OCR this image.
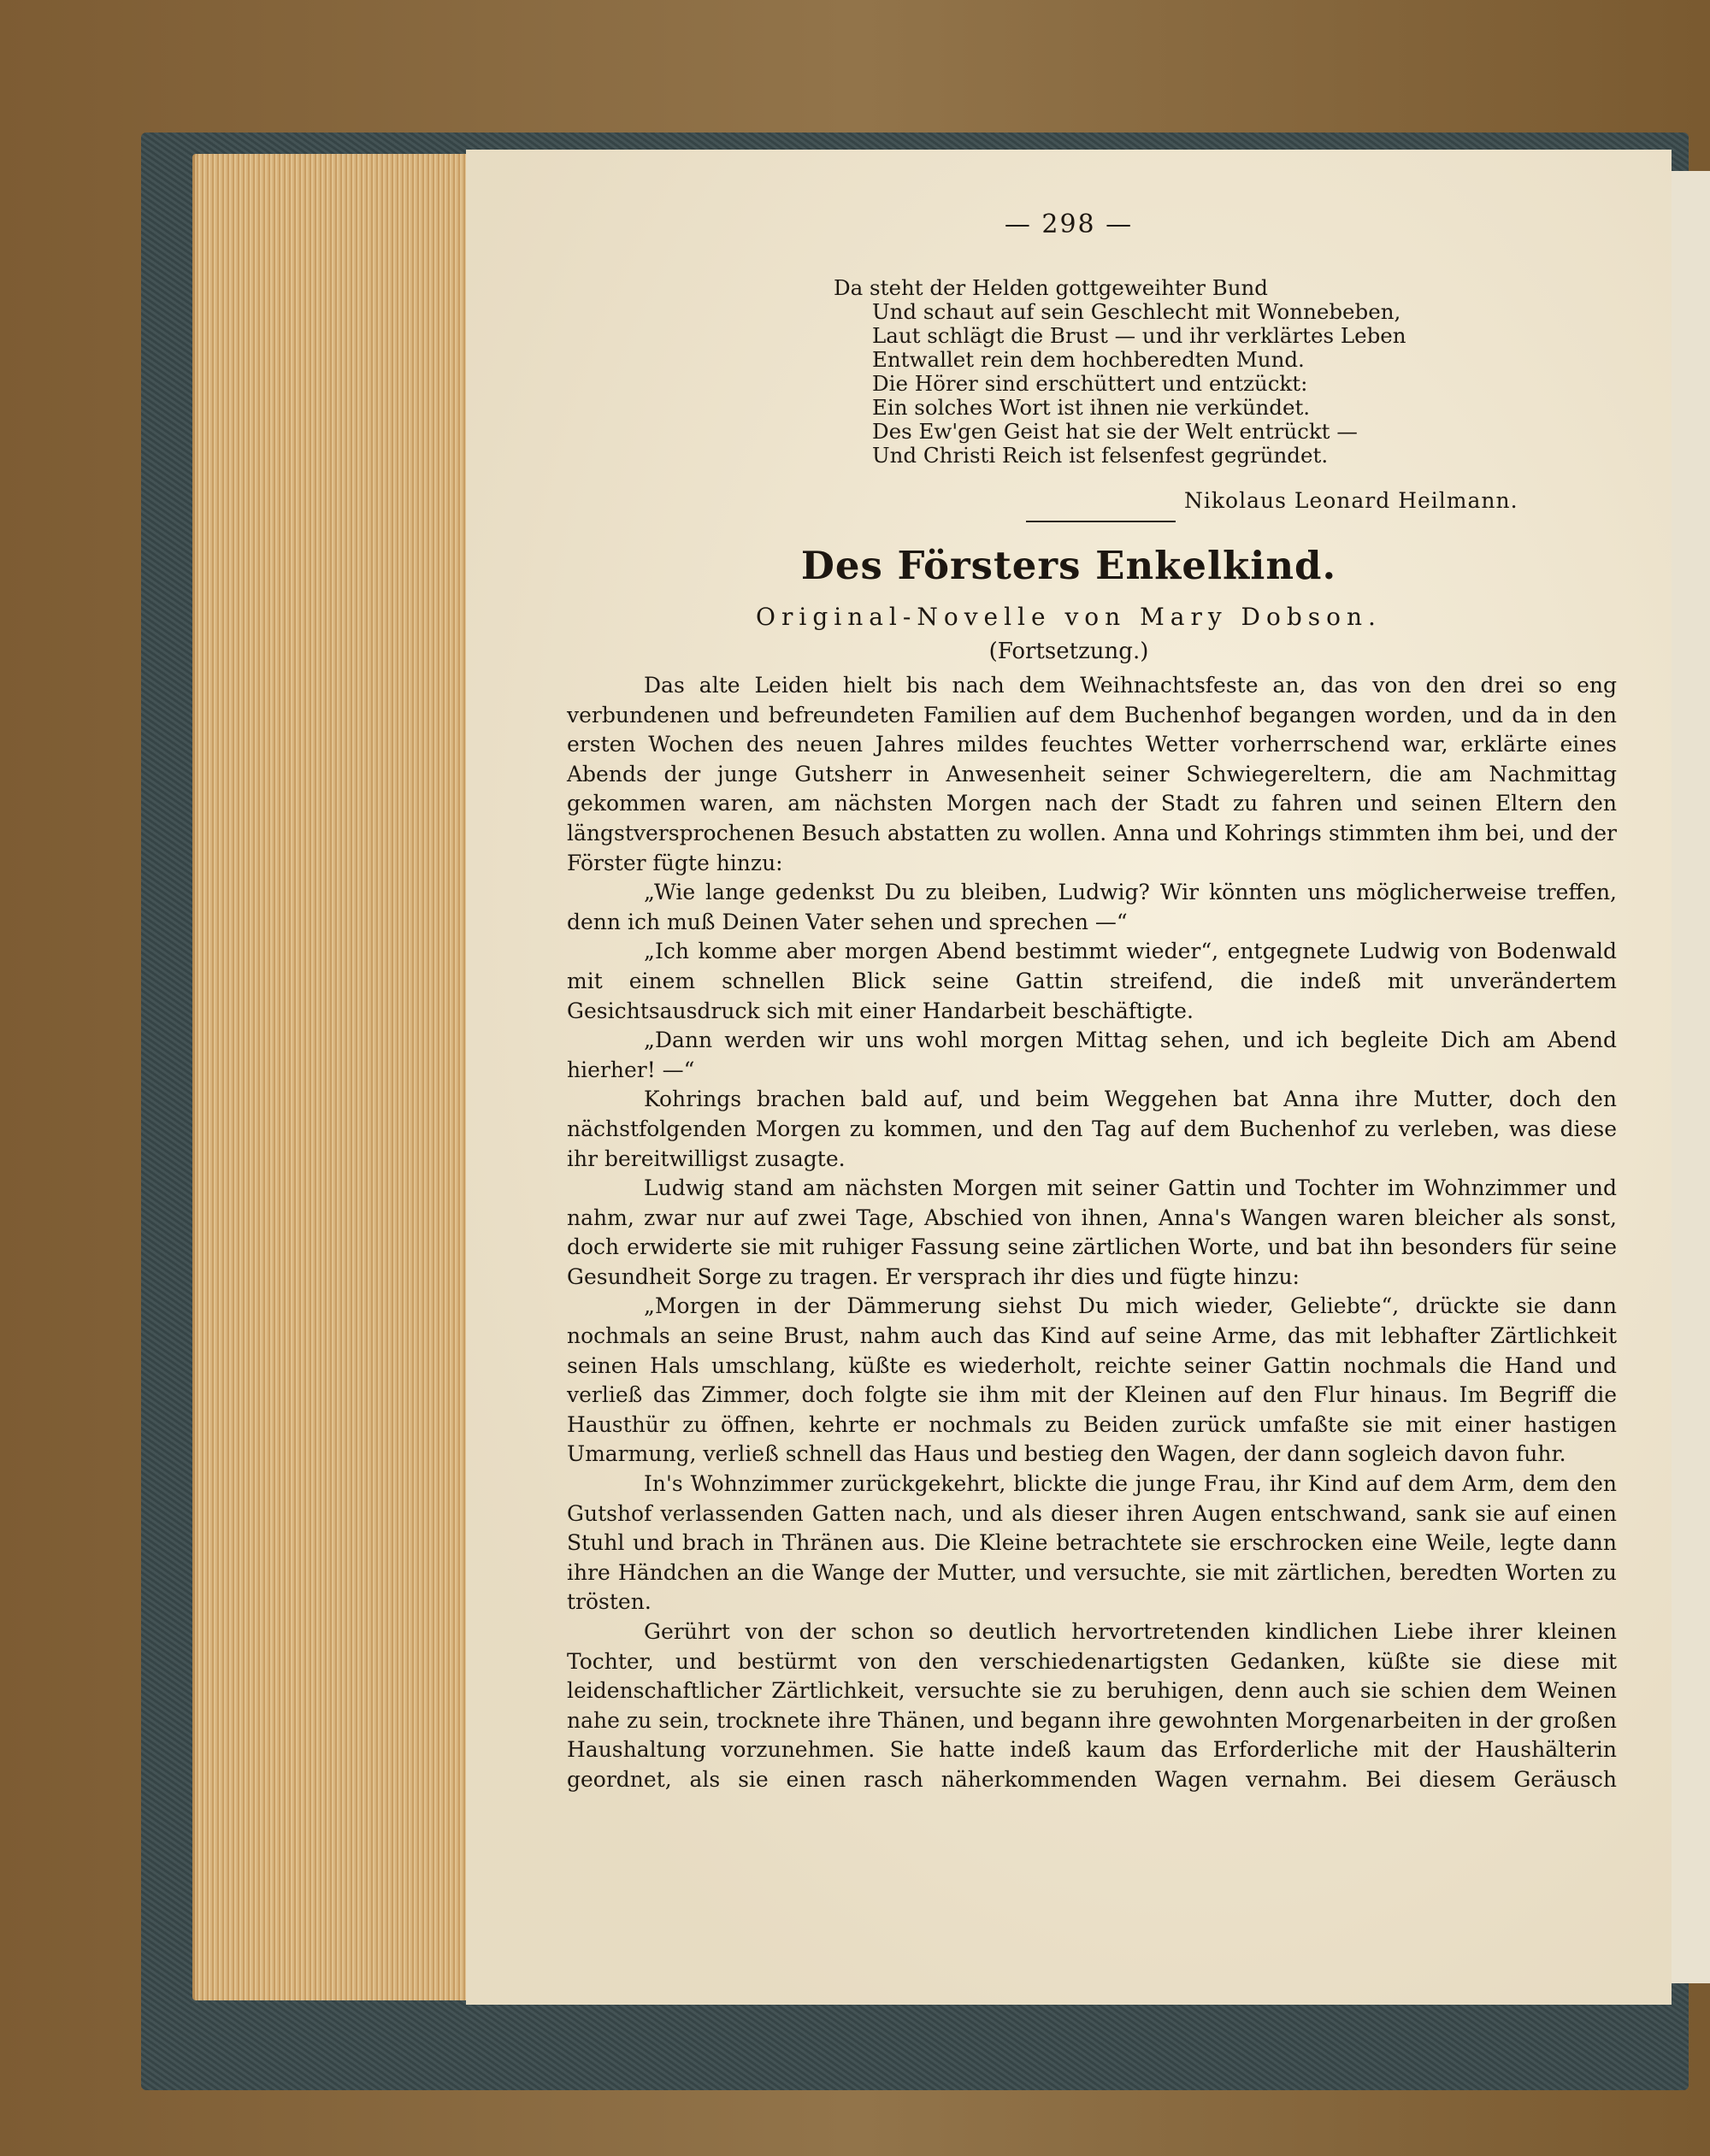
— 298 —
Da steht der Helden gottgeweihter Bund
Und schaut auf sein Geschlecht mit Wonnebeben,
Laut schlägt die Brust — und ihr verklärtes Leben
Entwallet rein dem hochberedten Mund.
Die Hörer sind erschüttert und entzückt:
Ein solches Wort ist ihnen nie verkündet.
Des Ew'gen Geist hat sie der Welt entrückt —
Und Christi Reich ist felsenfest gegründet.
Nikolaus Leonard Heilmann.
Des Försters Enkelkind.
Original-Novelle von Mary Dobson.
(Fortsetzung.)

Das alte Leiden hielt bis nach dem Weihnachtsfeste an, das von den drei so eng verbundenen und befreundeten Familien auf dem Buchenhof begangen worden, und da in den ersten Wochen des neuen Jahres mildes feuchtes Wetter vorherrschend war, erklärte eines Abends der junge Gutsherr in Anwesenheit seiner Schwiegereltern, die am Nachmittag gekommen waren, am nächsten Morgen nach der Stadt zu fahren und seinen Eltern den längstversprochenen Besuch abstatten zu wollen. Anna und Kohrings stimmten ihm bei, und der Förster fügte hinzu:

„Wie lange gedenkst Du zu bleiben, Ludwig? Wir könnten uns möglicherweise treffen, denn ich muß Deinen Vater sehen und sprechen —“

„Ich komme aber morgen Abend bestimmt wieder“, entgegnete Ludwig von Bodenwald mit einem schnellen Blick seine Gattin streifend, die indeß mit unverändertem Gesichtsausdruck sich mit einer Handarbeit beschäftigte.

„Dann werden wir uns wohl morgen Mittag sehen, und ich begleite Dich am Abend hierher! —“

Kohrings brachen bald auf, und beim Weggehen bat Anna ihre Mutter, doch den nächstfolgenden Morgen zu kommen, und den Tag auf dem Buchenhof zu verleben, was diese ihr bereitwilligst zusagte.

Ludwig stand am nächsten Morgen mit seiner Gattin und Tochter im Wohnzimmer und nahm, zwar nur auf zwei Tage, Abschied von ihnen, Anna's Wangen waren bleicher als sonst, doch erwiderte sie mit ruhiger Fassung seine zärtlichen Worte, und bat ihn besonders für seine Gesundheit Sorge zu tragen. Er versprach ihr dies und fügte hinzu:

„Morgen in der Dämmerung siehst Du mich wieder, Geliebte“, drückte sie dann nochmals an seine Brust, nahm auch das Kind auf seine Arme, das mit lebhafter Zärtlichkeit seinen Hals umschlang, küßte es wiederholt, reichte seiner Gattin nochmals die Hand und verließ das Zimmer, doch folgte sie ihm mit der Kleinen auf den Flur hinaus. Im Begriff die Hausthür zu öffnen, kehrte er nochmals zu Beiden zurück umfaßte sie mit einer hastigen Umarmung, verließ schnell das Haus und bestieg den Wagen, der dann sogleich davon fuhr.

In's Wohnzimmer zurückgekehrt, blickte die junge Frau, ihr Kind auf dem Arm, dem den Gutshof verlassenden Gatten nach, und als dieser ihren Augen entschwand, sank sie auf einen Stuhl und brach in Thränen aus. Die Kleine betrachtete sie erschrocken eine Weile, legte dann ihre Händchen an die Wange der Mutter, und versuchte, sie mit zärtlichen, beredten Worten zu trösten.

Gerührt von der schon so deutlich hervortretenden kindlichen Liebe ihrer kleinen Tochter, und bestürmt von den verschiedenartigsten Gedanken, küßte sie diese mit leidenschaftlicher Zärtlichkeit, versuchte sie zu beruhigen, denn auch sie schien dem Weinen nahe zu sein, trocknete ihre Thänen, und begann ihre gewohnten Morgenarbeiten in der großen Haushaltung vorzunehmen. Sie hatte indeß kaum das Erforderliche mit der Haushälterin geordnet, als sie einen rasch näherkommenden Wagen vernahm. Bei diesem Geräusch
